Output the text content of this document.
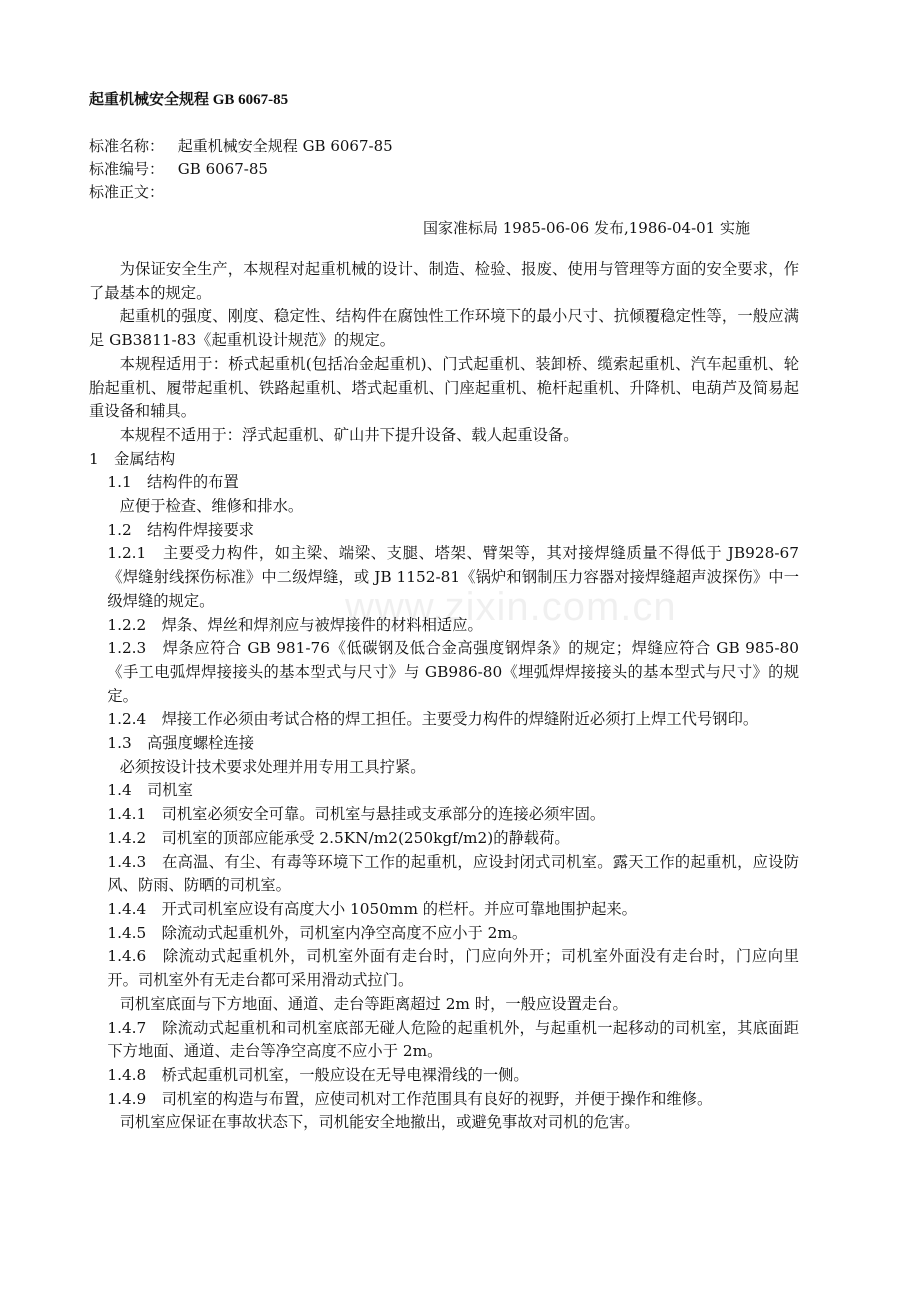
起重机械安全规程 GB 6067-85
标准名称： 起重机械安全规程 GB 6067-85
标准编号： GB 6067-85
标准正文：
国家准标局 1985-06-06 发布,1986-04-01 实施

为保证安全生产，本规程对起重机械的设计、制造、检验、报废、使用与管理等方面的安全要求，作了最基本的规定。

起重机的强度、刚度、稳定性、结构件在腐蚀性工作环境下的最小尺寸、抗倾覆稳定性等，一般应满足 GB3811-83《起重机设计规范》的规定。

本规程适用于：桥式起重机(包括冶金起重机)、门式起重机、装卸桥、缆索起重机、汽车起重机、轮胎起重机、履带起重机、铁路起重机、塔式起重机、门座起重机、桅杆起重机、升降机、电葫芦及简易起重设备和辅具。

本规程不适用于：浮式起重机、矿山井下提升设备、载人起重设备。

1　金属结构

1.1　结构件的布置

应便于检查、维修和排水。

1.2　结构件焊接要求

1.2.1　主要受力构件，如主梁、端梁、支腿、塔架、臂架等，其对接焊缝质量不得低于 JB928-67《焊缝射线探伤标准》中二级焊缝，或 JB 1152-81《锅炉和钢制压力容器对接焊缝超声波探伤》中一级焊缝的规定。

1.2.2　焊条、焊丝和焊剂应与被焊接件的材料相适应。

1.2.3　焊条应符合 GB 981-76《低碳钢及低合金高强度钢焊条》的规定；焊缝应符合 GB 985-80《手工电弧焊焊接接头的基本型式与尺寸》与 GB986-80《埋弧焊焊接接头的基本型式与尺寸》的规定。

1.2.4　焊接工作必须由考试合格的焊工担任。主要受力构件的焊缝附近必须打上焊工代号钢印。

1.3　高强度螺栓连接

必须按设计技术要求处理并用专用工具拧紧。

1.4　司机室

1.4.1　司机室必须安全可靠。司机室与悬挂或支承部分的连接必须牢固。

1.4.2　司机室的顶部应能承受 2.5KN/m2(250kgf/m2)的静载荷。

1.4.3　在高温、有尘、有毒等环境下工作的起重机，应设封闭式司机室。露天工作的起重机，应设防风、防雨、防晒的司机室。

1.4.4　开式司机室应设有高度大小 1050mm 的栏杆。并应可靠地围护起来。

1.4.5　除流动式起重机外，司机室内净空高度不应小于 2m。

1.4.6　除流动式起重机外，司机室外面有走台时，门应向外开；司机室外面没有走台时，门应向里开。司机室外有无走台都可采用滑动式拉门。

司机室底面与下方地面、通道、走台等距离超过 2m 时，一般应设置走台。

1.4.7　除流动式起重机和司机室底部无碰人危险的起重机外，与起重机一起移动的司机室，其底面距下方地面、通道、走台等净空高度不应小于 2m。

1.4.8　桥式起重机司机室，一般应设在无导电裸滑线的一侧。

1.4.9　司机室的构造与布置，应使司机对工作范围具有良好的视野，并便于操作和维修。

司机室应保证在事故状态下，司机能安全地撤出，或避免事故对司机的危害。

www.zixin.com.cn
